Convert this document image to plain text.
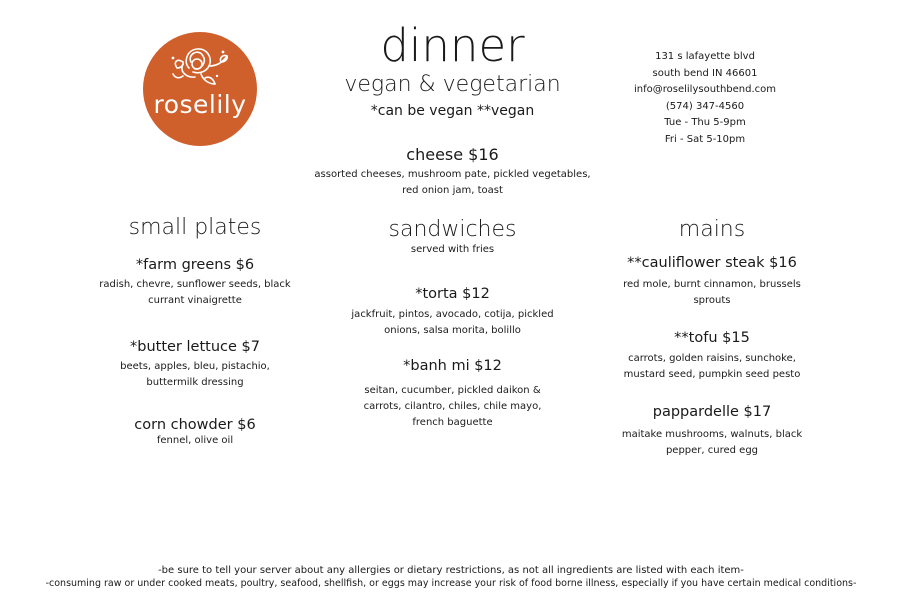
roselily
dinner
vegan & vegetarian
*can be vegan **vegan
131 s lafayette blvd
south bend IN 46601
info@roselilysouthbend.com
(574) 347-4560
Tue - Thu 5-9pm
Fri - Sat 5-10pm
cheese $16
assorted cheeses, mushroom pate, pickled vegetables,
red onion jam, toast
small plates
*farm greens $6
radish, chevre, sunflower seeds, black
currant vinaigrette
*butter lettuce $7
beets, apples, bleu, pistachio,
buttermilk dressing
corn chowder $6
fennel, olive oil
sandwiches
served with fries
*torta $12
jackfruit, pintos, avocado, cotija, pickled
onions, salsa morita, bolillo
*banh mi $12
seitan, cucumber, pickled daikon &
carrots, cilantro, chiles, chile mayo,
french baguette
mains
**cauliflower steak $16
red mole, burnt cinnamon, brussels
sprouts
**tofu $15
carrots, golden raisins, sunchoke,
mustard seed, pumpkin seed pesto
pappardelle $17
maitake mushrooms, walnuts, black
pepper, cured egg
-be sure to tell your server about any allergies or dietary restrictions, as not all ingredients are listed with each item-
-consuming raw or under cooked meats, poultry, seafood, shellfish, or eggs may increase your risk of food borne illness, especially if you have certain medical conditions-
